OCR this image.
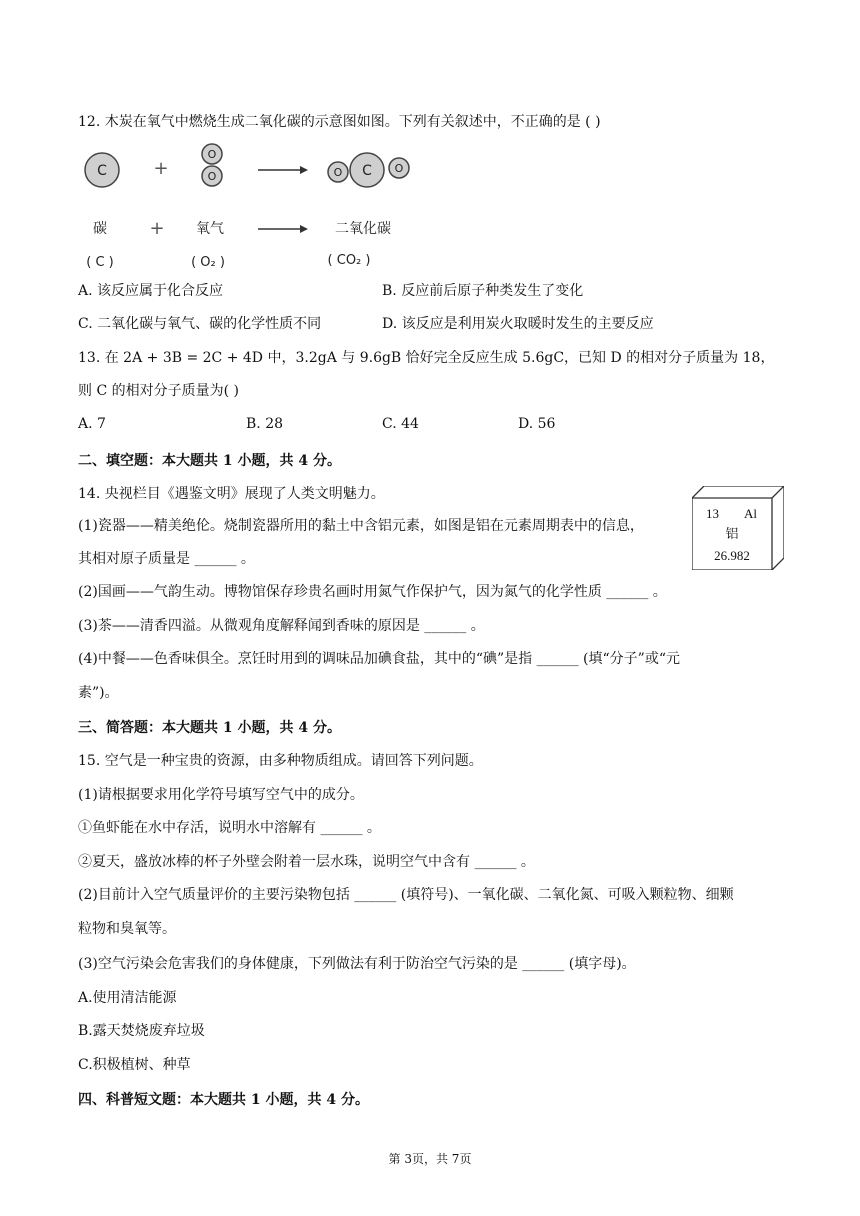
12. 木炭在氧气中燃烧生成二氧化碳的示意图如图。下列有关叙述中，不正确的是 ( )
C	+
O
O	O C O
碳 + 氧气	二氧化碳
( C )	( O₂ )	( CO₂ )
A. 该反应属于化合反应	B. 反应前后原子种类发生了变化
C. 二氧化碳与氧气、碳的化学性质不同	D. 该反应是利用炭火取暖时发生的主要反应
13. 在 2A + 3B = 2C + 4D 中，3.2gA 与 9.6gB 恰好完全反应生成 5.6gC，已知 D 的相对分子质量为 18，
则 C 的相对分子质量为( )
A. 7	B. 28	C. 44	D. 56
二、填空题：本大题共 1 小题，共 4 分。
14. 央视栏目《遇鉴文明》展现了人类文明魅力。
(1)瓷器——精美绝伦。烧制瓷器所用的黏土中含铝元素，如图是铝在元素周期表中的信息，
其相对原子质量是 ______ 。
13 Al
铝
26.982
(2)国画——气韵生动。博物馆保存珍贵名画时用氮气作保护气，因为氮气的化学性质 ______ 。
(3)茶——清香四溢。从微观角度解释闻到香味的原因是 ______ 。
(4)中餐——色香味俱全。烹饪时用到的调味品加碘食盐，其中的“碘”是指 ______ (填“分子”或“元
素”)。
三、简答题：本大题共 1 小题，共 4 分。
15. 空气是一种宝贵的资源，由多种物质组成。请回答下列问题。
(1)请根据要求用化学符号填写空气中的成分。
①鱼虾能在水中存活，说明水中溶解有 ______ 。
②夏天，盛放冰棒的杯子外壁会附着一层水珠，说明空气中含有 ______ 。
(2)目前计入空气质量评价的主要污染物包括 ______ (填符号)、一氧化碳、二氧化氮、可吸入颗粒物、细颗
粒物和臭氧等。
(3)空气污染会危害我们的身体健康，下列做法有利于防治空气污染的是 ______ (填字母)。
A.使用清洁能源
B.露天焚烧废弃垃圾
C.积极植树、种草
四、科普短文题：本大题共 1 小题，共 4 分。
第 3页，共 7页
